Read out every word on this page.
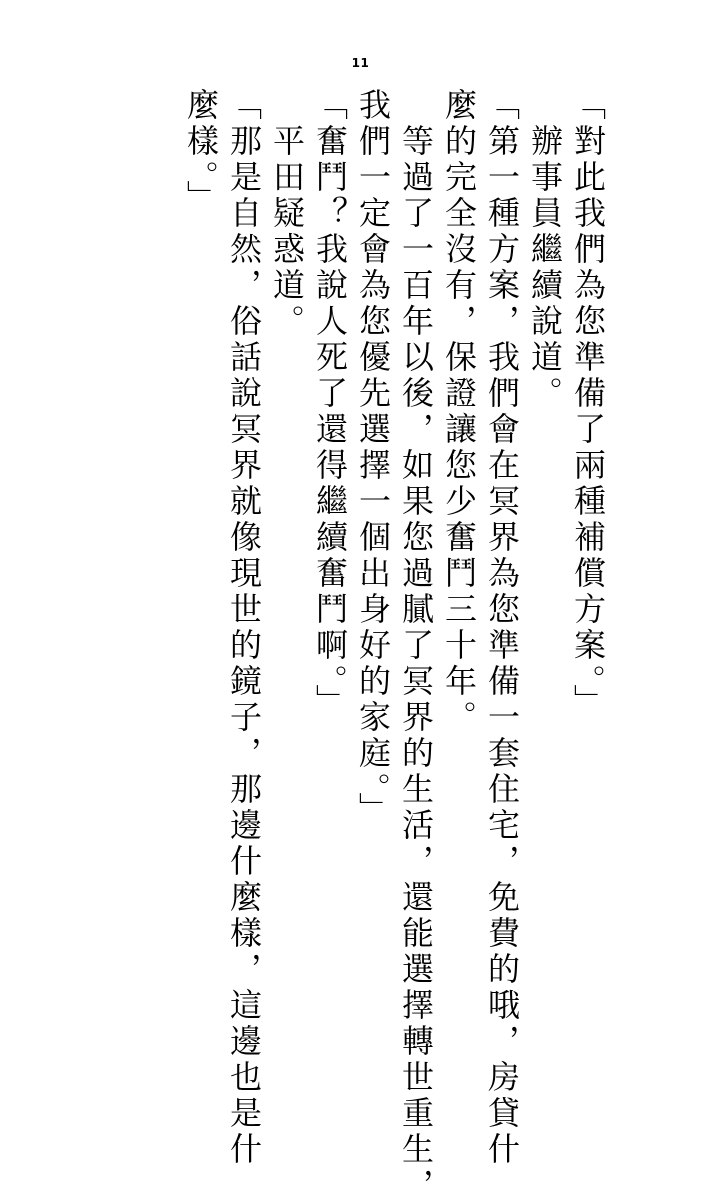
11
「對此我們為您準備了兩種補償方案。」
　辦事員繼續說道。
「第一種方案，我們會在冥界為您準備一套住宅，免費的哦，房貸什
麼的完全沒有，保證讓您少奮鬥三十年。
　等過了一百年以後，如果您過膩了冥界的生活，還能選擇轉世重生，
我們一定會為您優先選擇一個出身好的家庭。」
「奮鬥？我說人死了還得繼續奮鬥啊。」
　平田疑惑道。
「那是自然，俗話說冥界就像現世的鏡子，那邊什麼樣，這邊也是什
麼樣。」
